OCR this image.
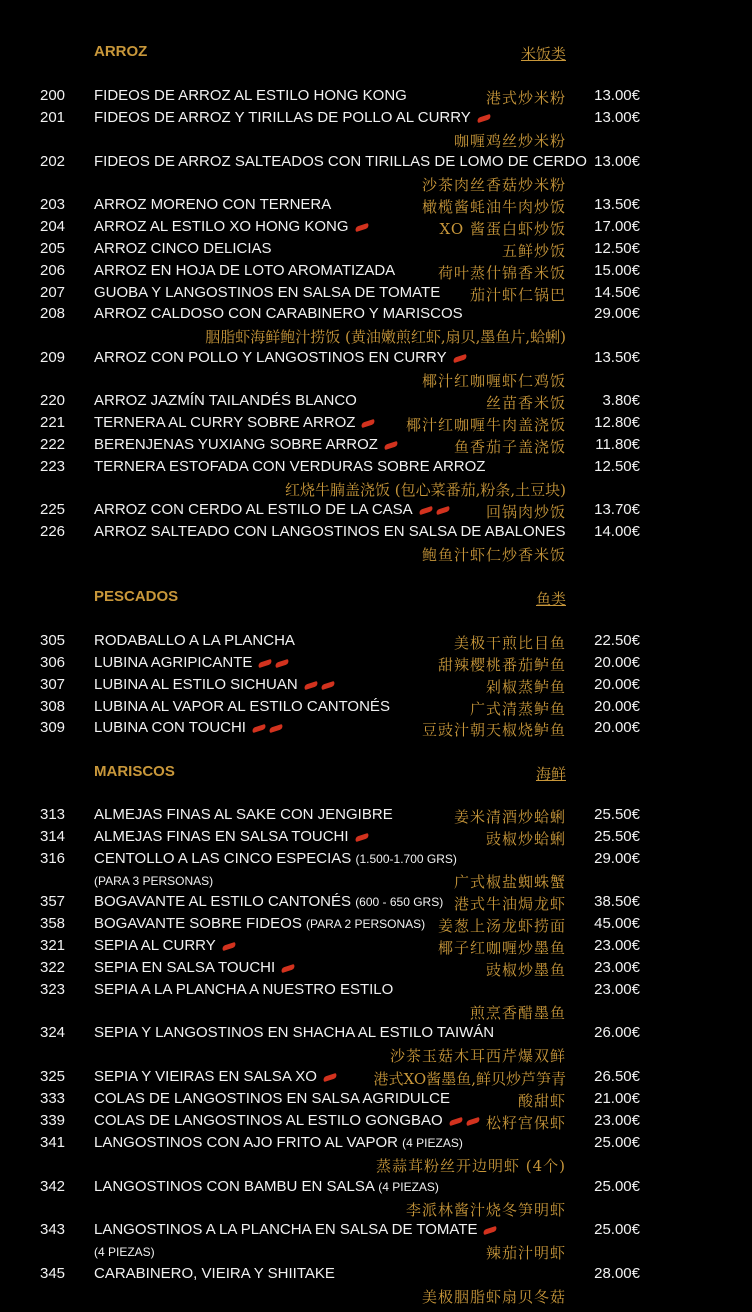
ARROZ	米饭类
200 FIDEOS DE ARROZ AL ESTILO HONG KONG	港式炒米粉 13.00€
201 FIDEOS DE ARROZ Y TIRILLAS DE POLLO AL CURRY	13.00€
咖喱鸡丝炒米粉
202 FIDEOS DE ARROZ SALTEADOS CON TIRILLAS DE LOMO DE CERDO 13.00€
沙茶肉丝香菇炒米粉
203 ARROZ MORENO CON TERNERA	橄榄酱蚝油牛肉炒饭 13.50€
204 ARROZ AL ESTILO XO HONG KONG	XO 酱蛋白虾炒饭 17.00€
205 ARROZ CINCO DELICIAS	五鲜炒饭 12.50€
206 ARROZ EN HOJA DE LOTO AROMATIZADA	荷叶蒸什锦香米饭 15.00€
207 GUOBA Y LANGOSTINOS EN SALSA DE TOMATE 茄汁虾仁锅巴 14.50€
208 ARROZ CALDOSO CON CARABINERO Y MARISCOS	29.00€
胭脂虾海鲜鲍汁捞饭 (黄油嫩煎红虾,扇贝,墨鱼片,蛤蜊)
209 ARROZ CON POLLO Y LANGOSTINOS EN CURRY	13.50€
椰汁红咖喱虾仁鸡饭
220 ARROZ JAZMÍN TAILANDÉS BLANCO	丝苗香米饭 3.80€
221 TERNERA AL CURRY SOBRE ARROZ	椰汁红咖喱牛肉盖浇饭 12.80€
222 BERENJENAS YUXIANG SOBRE ARROZ	鱼香茄子盖浇饭 11.80€
223 TERNERA ESTOFADA CON VERDURAS SOBRE ARROZ	12.50€
红烧牛腩盖浇饭 (包心菜番茄,粉条,土豆块)
225 ARROZ CON CERDO AL ESTILO DE LA CASA	回锅肉炒饭 13.70€
226 ARROZ SALTEADO CON LANGOSTINOS EN SALSA DE ABALONES 14.00€
鲍鱼汁虾仁炒香米饭
PESCADOS	鱼类
305 RODABALLO A LA PLANCHA	美极干煎比目鱼 22.50€
306 LUBINA AGRIPICANTE	甜辣樱桃番茄鲈鱼 20.00€
307 LUBINA AL ESTILO SICHUAN	剁椒蒸鲈鱼 20.00€
308 LUBINA AL VAPOR AL ESTILO CANTONÉS	广式清蒸鲈鱼 20.00€
309 LUBINA CON TOUCHI	豆豉汁朝天椒烧鲈鱼 20.00€
MARISCOS	海鲜
313 ALMEJAS FINAS AL SAKE CON JENGIBRE	姜米清酒炒蛤蜊 25.50€
314 ALMEJAS FINAS EN SALSA TOUCHI	豉椒炒蛤蜊 25.50€
316 CENTOLLO A LAS CINCO ESPECIAS (1.500-1.700 GRS)	29.00€
(PARA 3 PERSONAS)	广式椒盐蜘蛛蟹
357 BOGAVANTE AL ESTILO CANTONÉS (600 - 650 GRS) 港式牛油焗龙虾 38.50€
358 BOGAVANTE SOBRE FIDEOS (PARA 2 PERSONAS) 姜葱上汤龙虾捞面 45.00€
321 SEPIA AL CURRY	椰子红咖喱炒墨鱼 23.00€
322 SEPIA EN SALSA TOUCHI	豉椒炒墨鱼 23.00€
323 SEPIA A LA PLANCHA A NUESTRO ESTILO	23.00€
煎烹香醋墨鱼
324 SEPIA Y LANGOSTINOS EN SHACHA AL ESTILO TAIWÁN	26.00€
沙茶玉菇木耳西芹爆双鲜
325 SEPIA Y VIEIRAS EN SALSA XO	港式XO酱墨鱼,鲜贝炒芦笋青 26.50€
333 COLAS DE LANGOSTINOS EN SALSA AGRIDULCE	酸甜虾 21.00€
339 COLAS DE LANGOSTINOS AL ESTILO GONGBAO	松籽宫保虾 23.00€
341 LANGOSTINOS CON AJO FRITO AL VAPOR (4 PIEZAS)	25.00€
蒸蒜茸粉丝开边明虾 (4个)
342 LANGOSTINOS CON BAMBU EN SALSA (4 PIEZAS)	25.00€
李派林酱汁烧冬笋明虾
343 LANGOSTINOS A LA PLANCHA EN SALSA DE TOMATE	25.00€
(4 PIEZAS)	辣茄汁明虾
345 CARABINERO, VIEIRA Y SHIITAKE	28.00€
美极胭脂虾扇贝冬菇
